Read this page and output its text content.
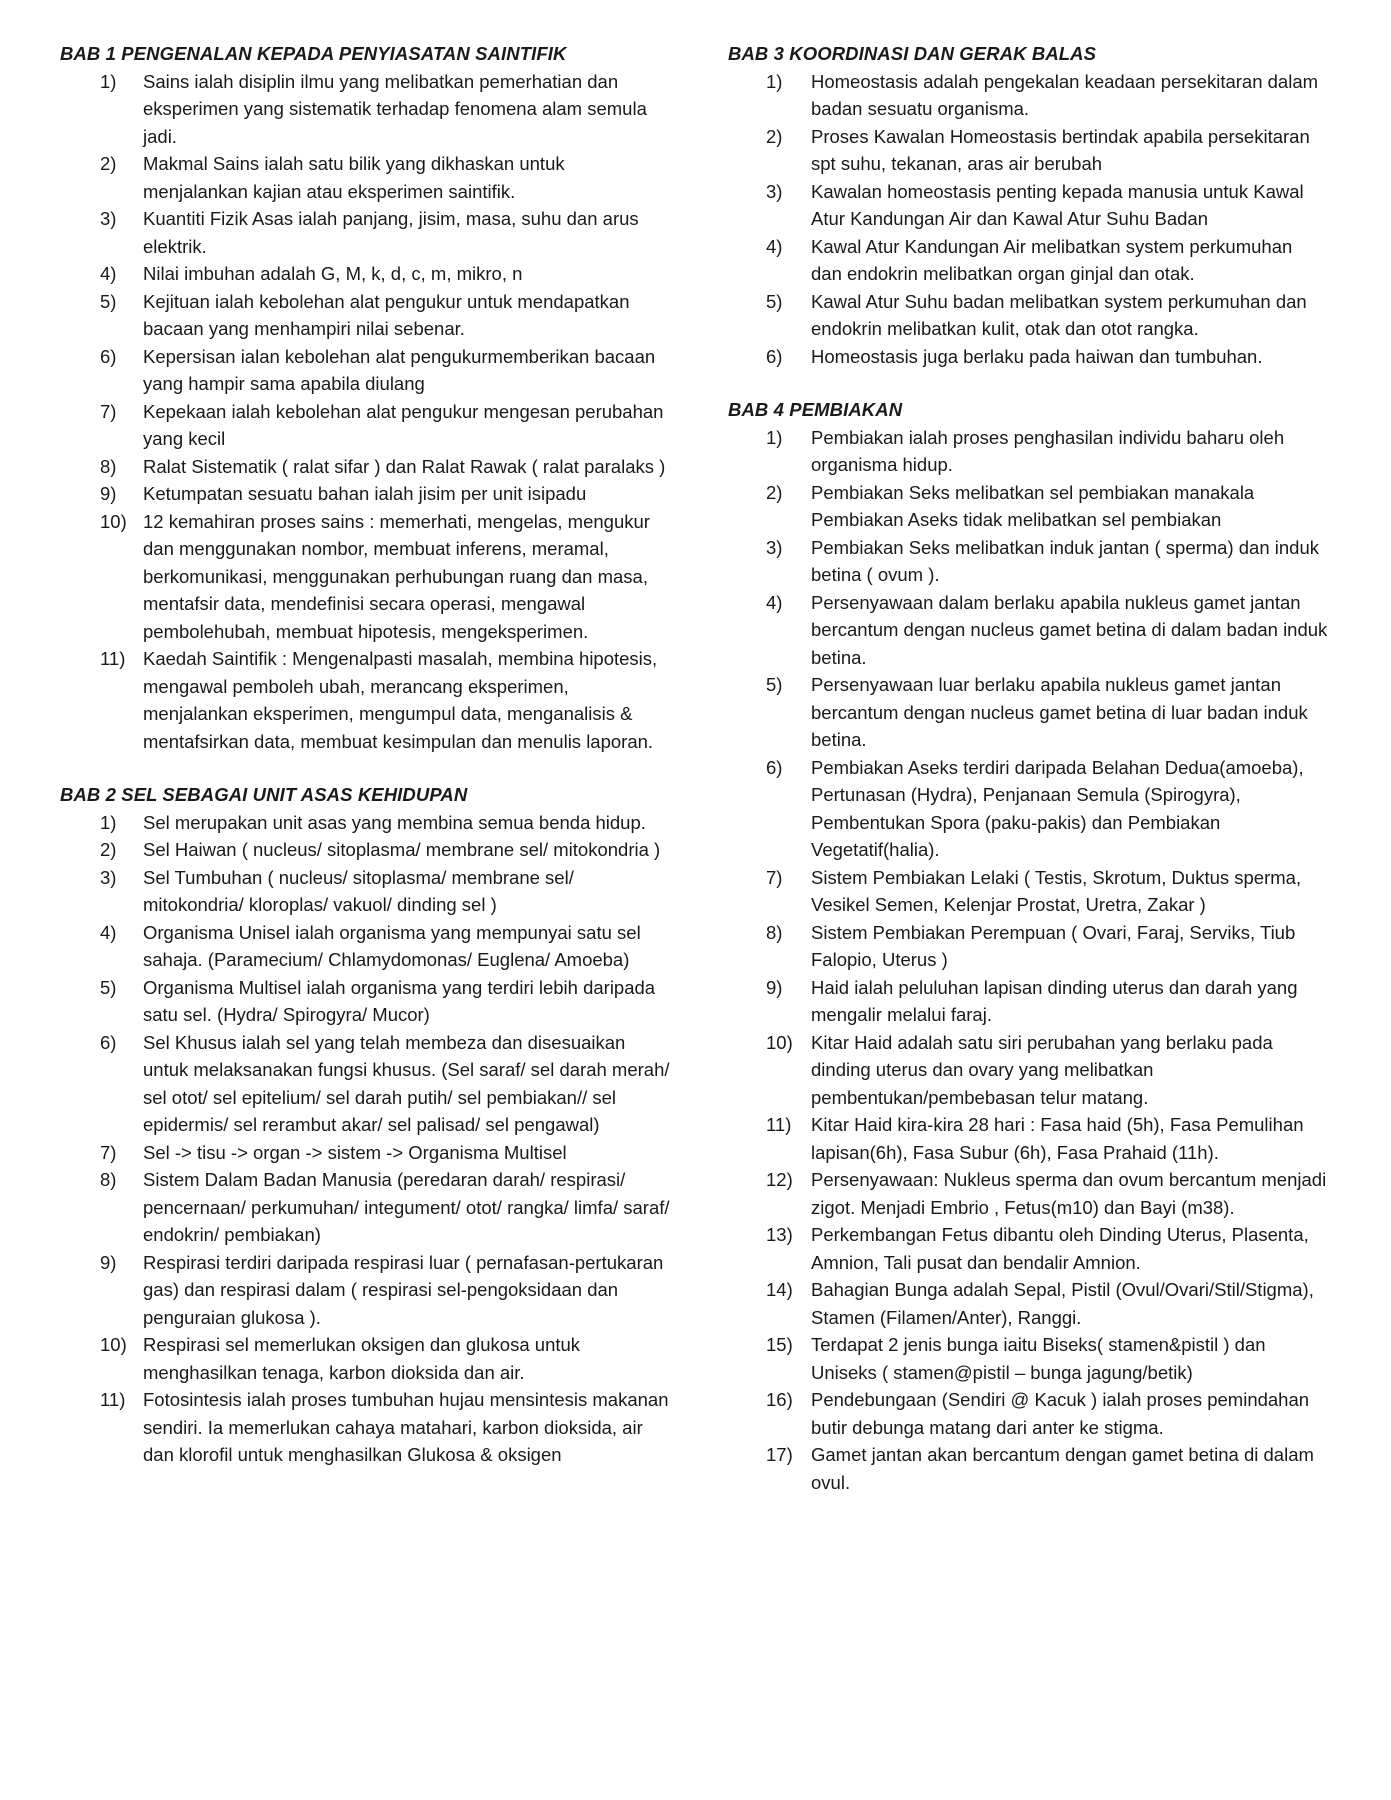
BAB 1 PENGENALAN KEPADA PENYIASATAN SAINTIFIK
1)	Sains ialah disiplin ilmu yang melibatkan pemerhatian dan eksperimen yang sistematik terhadap fenomena alam semula jadi.
2)	Makmal Sains ialah satu bilik yang dikhaskan untuk menjalankan kajian atau eksperimen saintifik.
3)	Kuantiti Fizik Asas ialah panjang, jisim, masa, suhu dan arus elektrik.
4)	Nilai imbuhan adalah G, M, k, d, c, m, mikro, n
5)	Kejituan ialah kebolehan alat pengukur untuk mendapatkan bacaan yang menhampiri nilai sebenar.
6)	Kepersisan ialan kebolehan alat pengukurmemberikan bacaan yang hampir sama apabila diulang
7)	Kepekaan ialah kebolehan alat pengukur mengesan perubahan yang kecil
8)	Ralat Sistematik ( ralat sifar ) dan Ralat Rawak ( ralat paralaks )
9)	Ketumpatan sesuatu bahan ialah jisim per unit isipadu
10) 12 kemahiran proses sains : memerhati, mengelas, mengukur dan menggunakan nombor, membuat inferens, meramal, berkomunikasi, menggunakan perhubungan ruang dan masa, mentafsir data, mendefinisi secara operasi, mengawal pembolehubah, membuat hipotesis, mengeksperimen.
11) Kaedah Saintifik : Mengenalpasti masalah, membina hipotesis, mengawal pemboleh ubah, merancang eksperimen, menjalankan eksperimen, mengumpul data, menganalisis & mentafsirkan data, membuat kesimpulan dan menulis laporan.
BAB 2 SEL SEBAGAI UNIT ASAS KEHIDUPAN
1)	Sel merupakan unit asas yang membina semua benda hidup.
2)	Sel Haiwan ( nucleus/ sitoplasma/ membrane sel/ mitokondria )
3)	Sel Tumbuhan ( nucleus/ sitoplasma/ membrane sel/ mitokondria/ kloroplas/ vakuol/ dinding sel )
4)	Organisma Unisel ialah organisma yang mempunyai satu sel sahaja. (Paramecium/ Chlamydomonas/ Euglena/ Amoeba)
5)	Organisma Multisel ialah organisma yang terdiri lebih daripada satu sel. (Hydra/ Spirogyra/ Mucor)
6)	Sel Khusus ialah sel yang telah membeza dan disesuaikan untuk melaksanakan fungsi khusus. (Sel saraf/ sel darah merah/ sel otot/ sel epitelium/ sel darah putih/ sel pembiakan// sel epidermis/ sel rerambut akar/ sel palisad/ sel pengawal)
7)	Sel -> tisu -> organ -> sistem -> Organisma Multisel
8)	Sistem Dalam Badan Manusia (peredaran darah/ respirasi/ pencernaan/ perkumuhan/ integument/ otot/ rangka/ limfa/ saraf/ endokrin/ pembiakan)
9)	Respirasi terdiri daripada respirasi luar ( pernafasan-pertukaran gas) dan respirasi dalam ( respirasi sel-pengoksidaan dan penguraian glukosa ).
10) Respirasi sel memerlukan oksigen dan glukosa untuk menghasilkan tenaga, karbon dioksida dan air.
11) Fotosintesis ialah proses tumbuhan hujau mensintesis makanan sendiri. Ia memerlukan cahaya matahari, karbon dioksida, air dan klorofil untuk menghasilkan Glukosa & oksigen
BAB 3 KOORDINASI DAN GERAK BALAS
1)	Homeostasis adalah pengekalan keadaan persekitaran dalam badan sesuatu organisma.
2)	Proses Kawalan Homeostasis bertindak apabila persekitaran spt suhu, tekanan, aras air berubah
3)	Kawalan homeostasis penting kepada manusia untuk Kawal Atur Kandungan Air dan Kawal Atur Suhu Badan
4)	Kawal Atur Kandungan Air melibatkan system perkumuhan dan endokrin melibatkan organ ginjal dan otak.
5)	Kawal Atur Suhu badan melibatkan system perkumuhan dan endokrin melibatkan kulit, otak dan otot rangka.
6)	Homeostasis juga berlaku pada haiwan dan tumbuhan.
BAB 4 PEMBIAKAN
1)	Pembiakan ialah proses penghasilan individu baharu oleh organisma hidup.
2)	Pembiakan Seks melibatkan sel pembiakan manakala Pembiakan Aseks tidak melibatkan sel pembiakan
3)	Pembiakan Seks melibatkan induk jantan ( sperma) dan induk betina ( ovum ).
4)	Persenyawaan dalam berlaku apabila nukleus gamet jantan bercantum dengan nucleus gamet betina di dalam badan induk betina.
5)	Persenyawaan luar berlaku apabila nukleus gamet jantan bercantum dengan nucleus gamet betina di luar badan induk betina.
6)	Pembiakan Aseks terdiri daripada Belahan Dedua(amoeba), Pertunasan (Hydra), Penjanaan Semula (Spirogyra), Pembentukan Spora (paku-pakis) dan Pembiakan Vegetatif(halia).
7)	Sistem Pembiakan Lelaki ( Testis, Skrotum, Duktus sperma, Vesikel Semen, Kelenjar Prostat, Uretra, Zakar )
8)	Sistem Pembiakan Perempuan ( Ovari, Faraj, Serviks, Tiub Falopio, Uterus )
9)	Haid ialah peluluhan lapisan dinding uterus dan darah yang mengalir melalui faraj.
10) Kitar Haid adalah satu siri perubahan yang berlaku pada dinding uterus dan ovary yang melibatkan pembentukan/pembebasan telur matang.
11)	Kitar Haid kira-kira 28 hari : Fasa haid (5h), Fasa Pemulihan lapisan(6h), Fasa Subur (6h), Fasa Prahaid (11h).
12) Persenyawaan: Nukleus sperma dan ovum bercantum menjadi zigot. Menjadi Embrio , Fetus(m10) dan Bayi (m38).
13) Perkembangan Fetus dibantu oleh Dinding Uterus, Plasenta, Amnion, Tali pusat dan bendalir Amnion.
14) Bahagian Bunga adalah Sepal, Pistil (Ovul/Ovari/Stil/Stigma), Stamen (Filamen/Anter), Ranggi.
15) Terdapat 2 jenis bunga iaitu Biseks( stamen&pistil ) dan Uniseks ( stamen@pistil – bunga jagung/betik)
16) Pendebungaan (Sendiri @ Kacuk ) ialah proses pemindahan butir debunga matang dari anter ke stigma.
17) Gamet jantan akan bercantum dengan gamet betina di dalam ovul.
